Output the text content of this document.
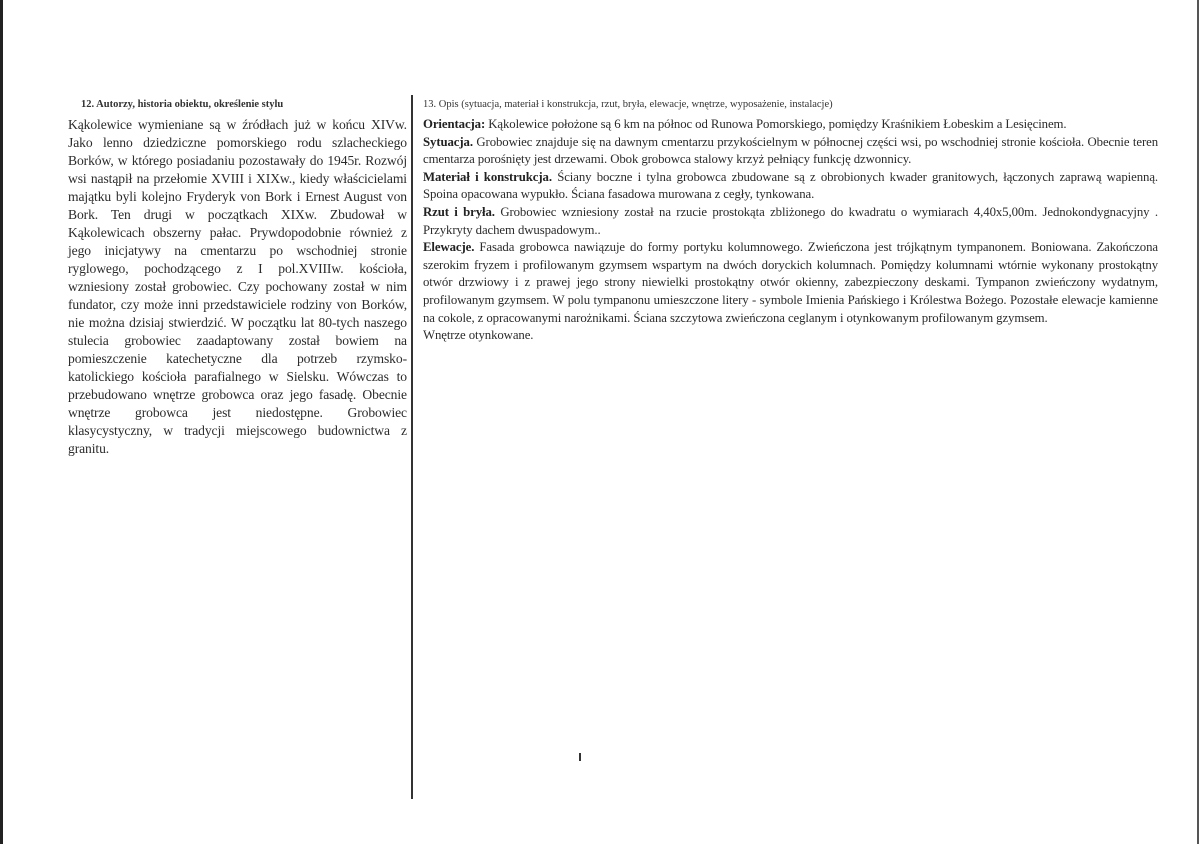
12. Autorzy, historia obiektu, określenie stylu

Kąkolewice wymieniane są w źródłach już w końcu XIVw. Jako lenno dziedziczne pomorskiego rodu szlacheckiego Borków, w którego posiadaniu pozostawały do 1945r. Rozwój wsi nastąpił na przełomie XVIII i XIXw., kiedy właścicielami majątku byli kolejno Fryderyk von Bork i Ernest August von Bork. Ten drugi w początkach XIXw. Zbudował w Kąkolewicach obszerny pałac. Prywdopodobnie również z jego inicjatywy na cmentarzu po wschodniej stronie ryglowego, pochodzącego z I pol.XVIIIw. kościoła, wzniesiony został grobowiec. Czy pochowany został w nim fundator, czy może inni przedstawiciele rodziny von Borków, nie można dzisiaj stwierdzić. W początku lat 80-tych naszego stulecia grobowiec zaadaptowany został bowiem na pomieszczenie katechetyczne dla potrzeb rzymsko-katolickiego kościoła parafialnego w Sielsku. Wówczas to przebudowano wnętrze grobowca oraz jego fasadę. Obecnie wnętrze grobowca jest niedostępne. Grobowiec klasycystyczny, w tradycji miejscowego budownictwa z granitu.

13. Opis (sytuacja, materiał i konstrukcja, rzut, bryła, elewacje, wnętrze, wyposażenie, instalacje)

Orientacja: Kąkolewice położone są 6 km na północ od Runowa Pomorskiego, pomiędzy Kraśnikiem Łobeskim a Lesięcinem.

Sytuacja. Grobowiec znajduje się na dawnym cmentarzu przykościelnym w północnej części wsi, po wschodniej stronie kościoła. Obecnie teren cmentarza porośnięty jest drzewami. Obok grobowca stalowy krzyż pełniący funkcję dzwonnicy.

Materiał i konstrukcja. Ściany boczne i tylna grobowca zbudowane są z obrobionych kwader granitowych, łączonych zaprawą wapienną. Spoina opacowana wypukło. Ściana fasadowa murowana z cegły, tynkowana.

Rzut i bryła. Grobowiec wzniesiony został na rzucie prostokąta zbliżonego do kwadratu o wymiarach 4,40x5,00m. Jednokondygnacyjny . Przykryty dachem dwuspadowym..

Elewacje. Fasada grobowca nawiązuje do formy portyku kolumnowego. Zwieńczona jest trójkątnym tympanonem. Boniowana. Zakończona szerokim fryzem i profilowanym gzymsem wspartym na dwóch doryckich kolumnach. Pomiędzy kolumnami wtórnie wykonany prostokątny otwór drzwiowy i z prawej jego strony niewielki prostokątny otwór okienny, zabezpieczony deskami. Tympanon zwieńczony wydatnym, profilowanym gzymsem. W polu tympanonu umieszczone litery - symbole Imienia Pańskiego i Królestwa Bożego. Pozostałe elewacje kamienne na cokole, z opracowanymi narożnikami. Ściana szczytowa zwieńczona ceglanym i otynkowanym profilowanym gzymsem.

Wnętrze otynkowane.
